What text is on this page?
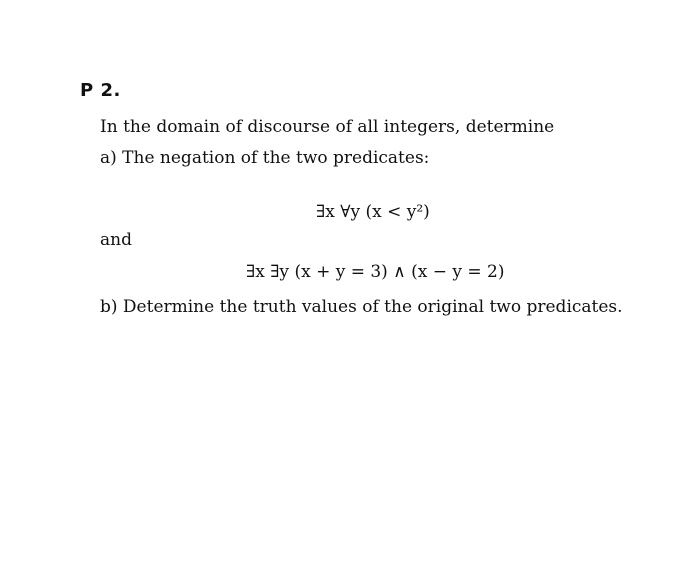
P 2.
In the domain of discourse of all integers, determine
a) The negation of the two predicates:
∃x ∀y (x < y²)
and
∃x ∃y (x + y = 3) ∧ (x − y = 2)
b) Determine the truth values of the original two predicates.
